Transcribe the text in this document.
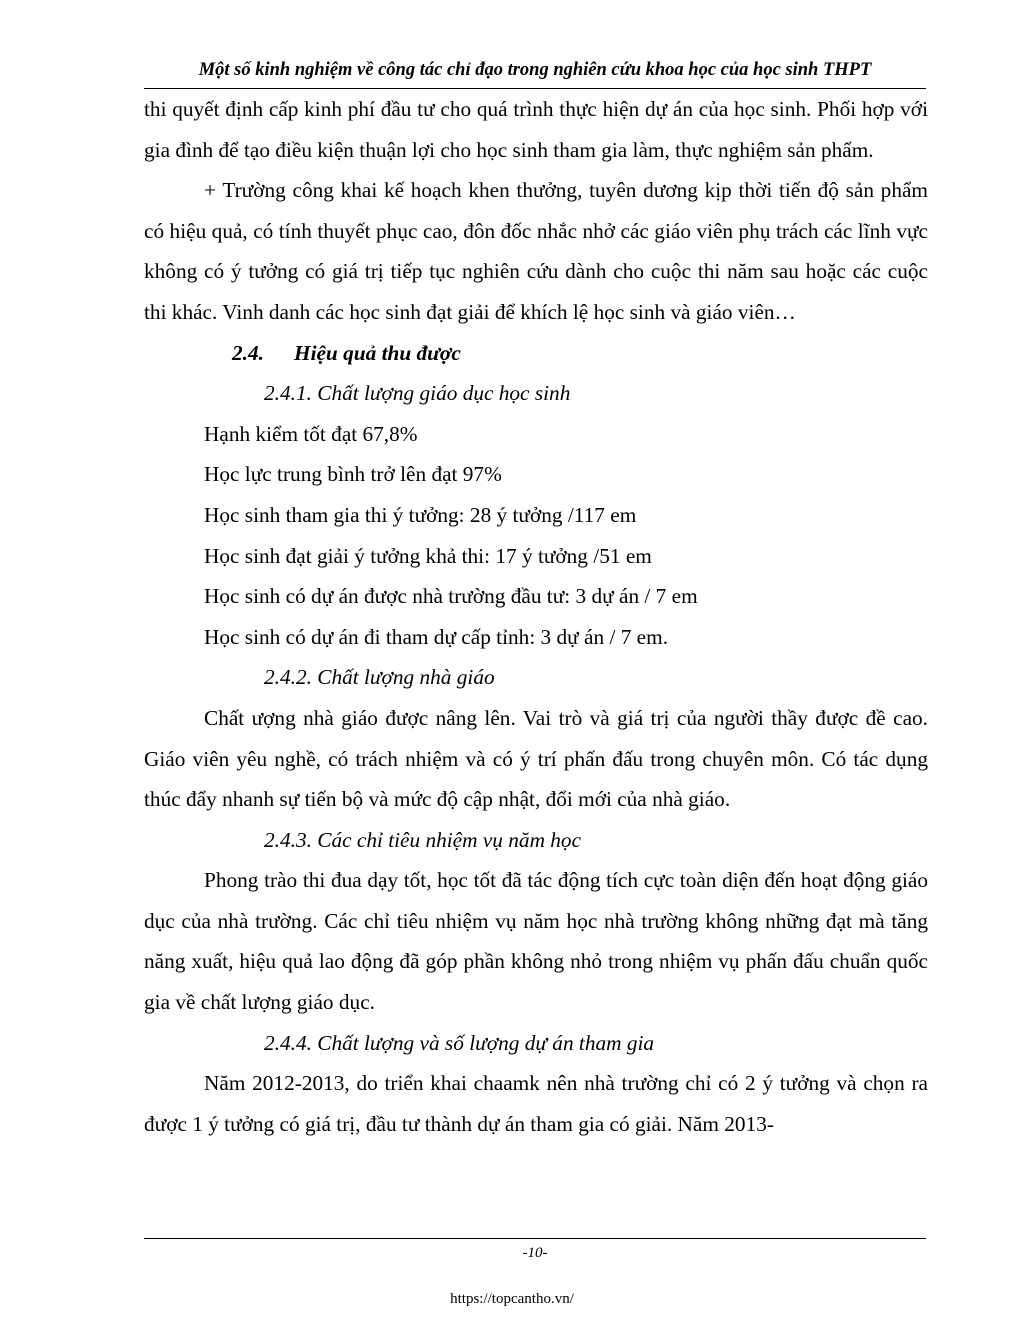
Một số kinh nghiệm về công tác chỉ đạo trong nghiên cứu khoa học của học sinh THPT

thi quyết định cấp kinh phí đầu tư cho quá trình thực hiện dự án của học sinh. Phối hợp với gia đình để tạo điều kiện thuận lợi cho học sinh tham gia làm, thực nghiệm sản phẩm.

+ Trường công khai kế hoạch khen thưởng, tuyên dương kịp thời tiến độ sản phẩm có hiệu quả, có tính thuyết phục cao, đôn đốc nhắc nhở các giáo viên phụ trách các lĩnh vực không có ý tưởng có giá trị tiếp tục nghiên cứu dành cho cuộc thi năm sau hoặc các cuộc thi khác. Vinh danh các học sinh đạt giải để khích lệ học sinh và giáo viên…

2.4. Hiệu quả thu được

2.4.1. Chất lượng giáo dục học sinh

Hạnh kiểm tốt đạt 67,8%

Học lực trung bình trở lên đạt 97%

Học sinh tham gia thi ý tưởng: 28 ý tưởng /117 em

Học sinh đạt giải ý tưởng khả thi: 17 ý tưởng /51 em

Học sinh có dự án được nhà trường đầu tư: 3 dự án / 7 em

Học sinh có dự án đi tham dự cấp tỉnh: 3 dự án / 7 em.

2.4.2. Chất lượng nhà giáo

Chất ượng nhà giáo được nâng lên. Vai trò và giá trị của người thầy được đề cao. Giáo viên yêu nghề, có trách nhiệm và có ý trí phấn đấu trong chuyên môn. Có tác dụng thúc đẩy nhanh sự tiến bộ và mức độ cập nhật, đổi mới của nhà giáo.

2.4.3. Các chỉ tiêu nhiệm vụ năm học

Phong trào thi đua dạy tốt, học tốt đã tác động tích cực toàn diện đến hoạt động giáo dục của nhà trường. Các chỉ tiêu nhiệm vụ năm học nhà trường không những đạt mà tăng năng xuất, hiệu quả lao động đã góp phần không nhỏ trong nhiệm vụ phấn đấu chuẩn quốc gia về chất lượng giáo dục.

2.4.4. Chất lượng và số lượng dự án tham gia

Năm 2012-2013, do triển khai chaamk nên nhà trường chỉ có 2 ý tưởng và chọn ra được 1 ý tưởng có giá trị, đầu tư thành dự án tham gia có giải. Năm 2013-

-10-
https://topcantho.vn/
